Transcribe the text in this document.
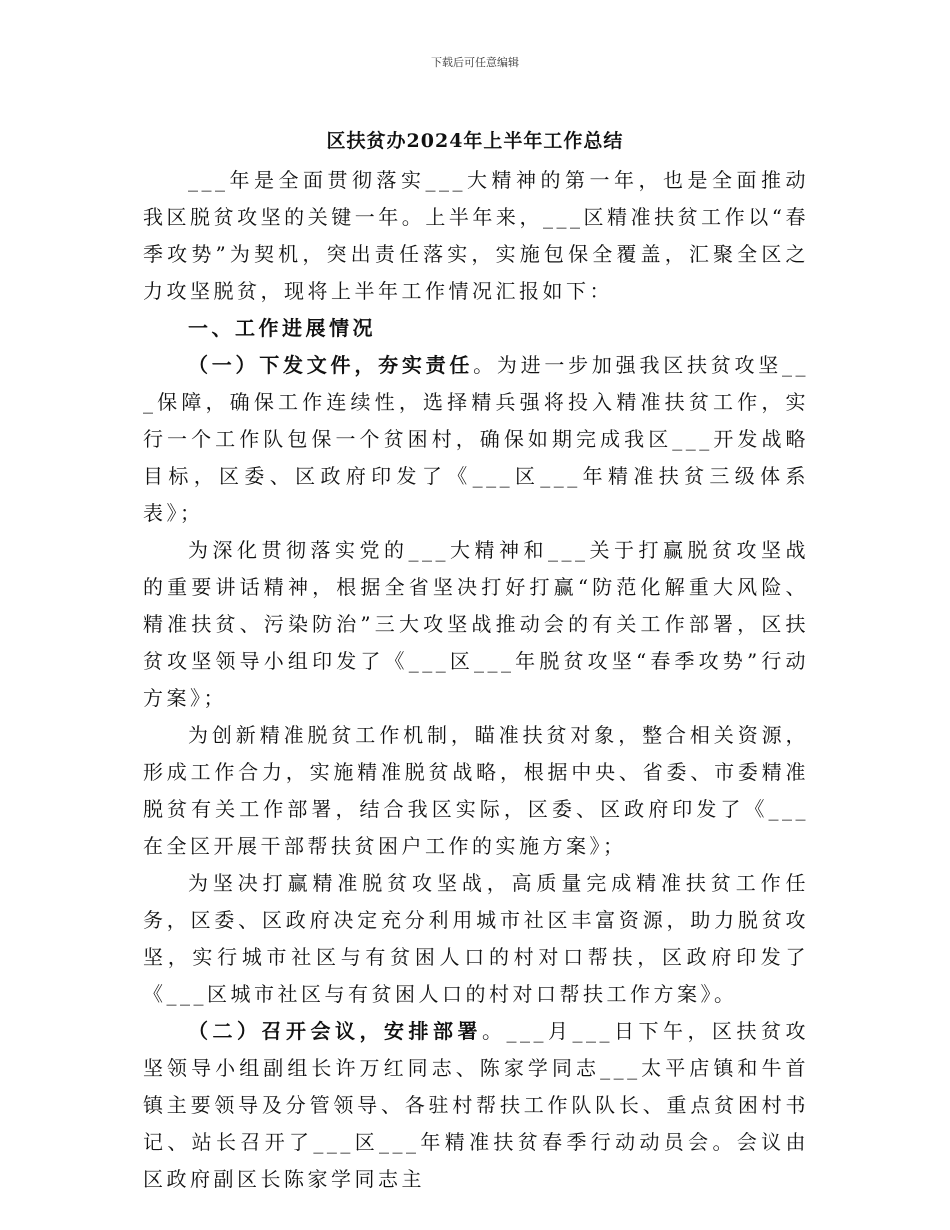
下载后可任意编辑
区扶贫办2024年上半年工作总结

___年是全面贯彻落实___大精神的第一年，也是全面推动我区脱贫攻坚的关键一年。上半年来，___区精准扶贫工作以“春季攻势”为契机，突出责任落实，实施包保全覆盖，汇聚全区之力攻坚脱贫，现将上半年工作情况汇报如下：

一、工作进展情况

（一）下发文件，夯实责任。为进一步加强我区扶贫攻坚___保障，确保工作连续性，选择精兵强将投入精准扶贫工作，实行一个工作队包保一个贫困村，确保如期完成我区___开发战略目标，区委、区政府印发了《___区___年精准扶贫三级体系表》；

为深化贯彻落实党的___大精神和___关于打赢脱贫攻坚战的重要讲话精神，根据全省坚决打好打赢“防范化解重大风险、精准扶贫、污染防治”三大攻坚战推动会的有关工作部署，区扶贫攻坚领导小组印发了《___区___年脱贫攻坚“春季攻势”行动方案》；

为创新精准脱贫工作机制，瞄准扶贫对象，整合相关资源，形成工作合力，实施精准脱贫战略，根据中央、省委、市委精准脱贫有关工作部署，结合我区实际，区委、区政府印发了《___在全区开展干部帮扶贫困户工作的实施方案》；

为坚决打赢精准脱贫攻坚战，高质量完成精准扶贫工作任务，区委、区政府决定充分利用城市社区丰富资源，助力脱贫攻坚，实行城市社区与有贫困人口的村对口帮扶，区政府印发了《___区城市社区与有贫困人口的村对口帮扶工作方案》。

（二）召开会议，安排部署。___月___日下午，区扶贫攻坚领导小组副组长许万红同志、陈家学同志___太平店镇和牛首镇主要领导及分管领导、各驻村帮扶工作队队长、重点贫困村书记、站长召开了___区___年精准扶贫春季行动动员会。会议由区政府副区长陈家学同志主
